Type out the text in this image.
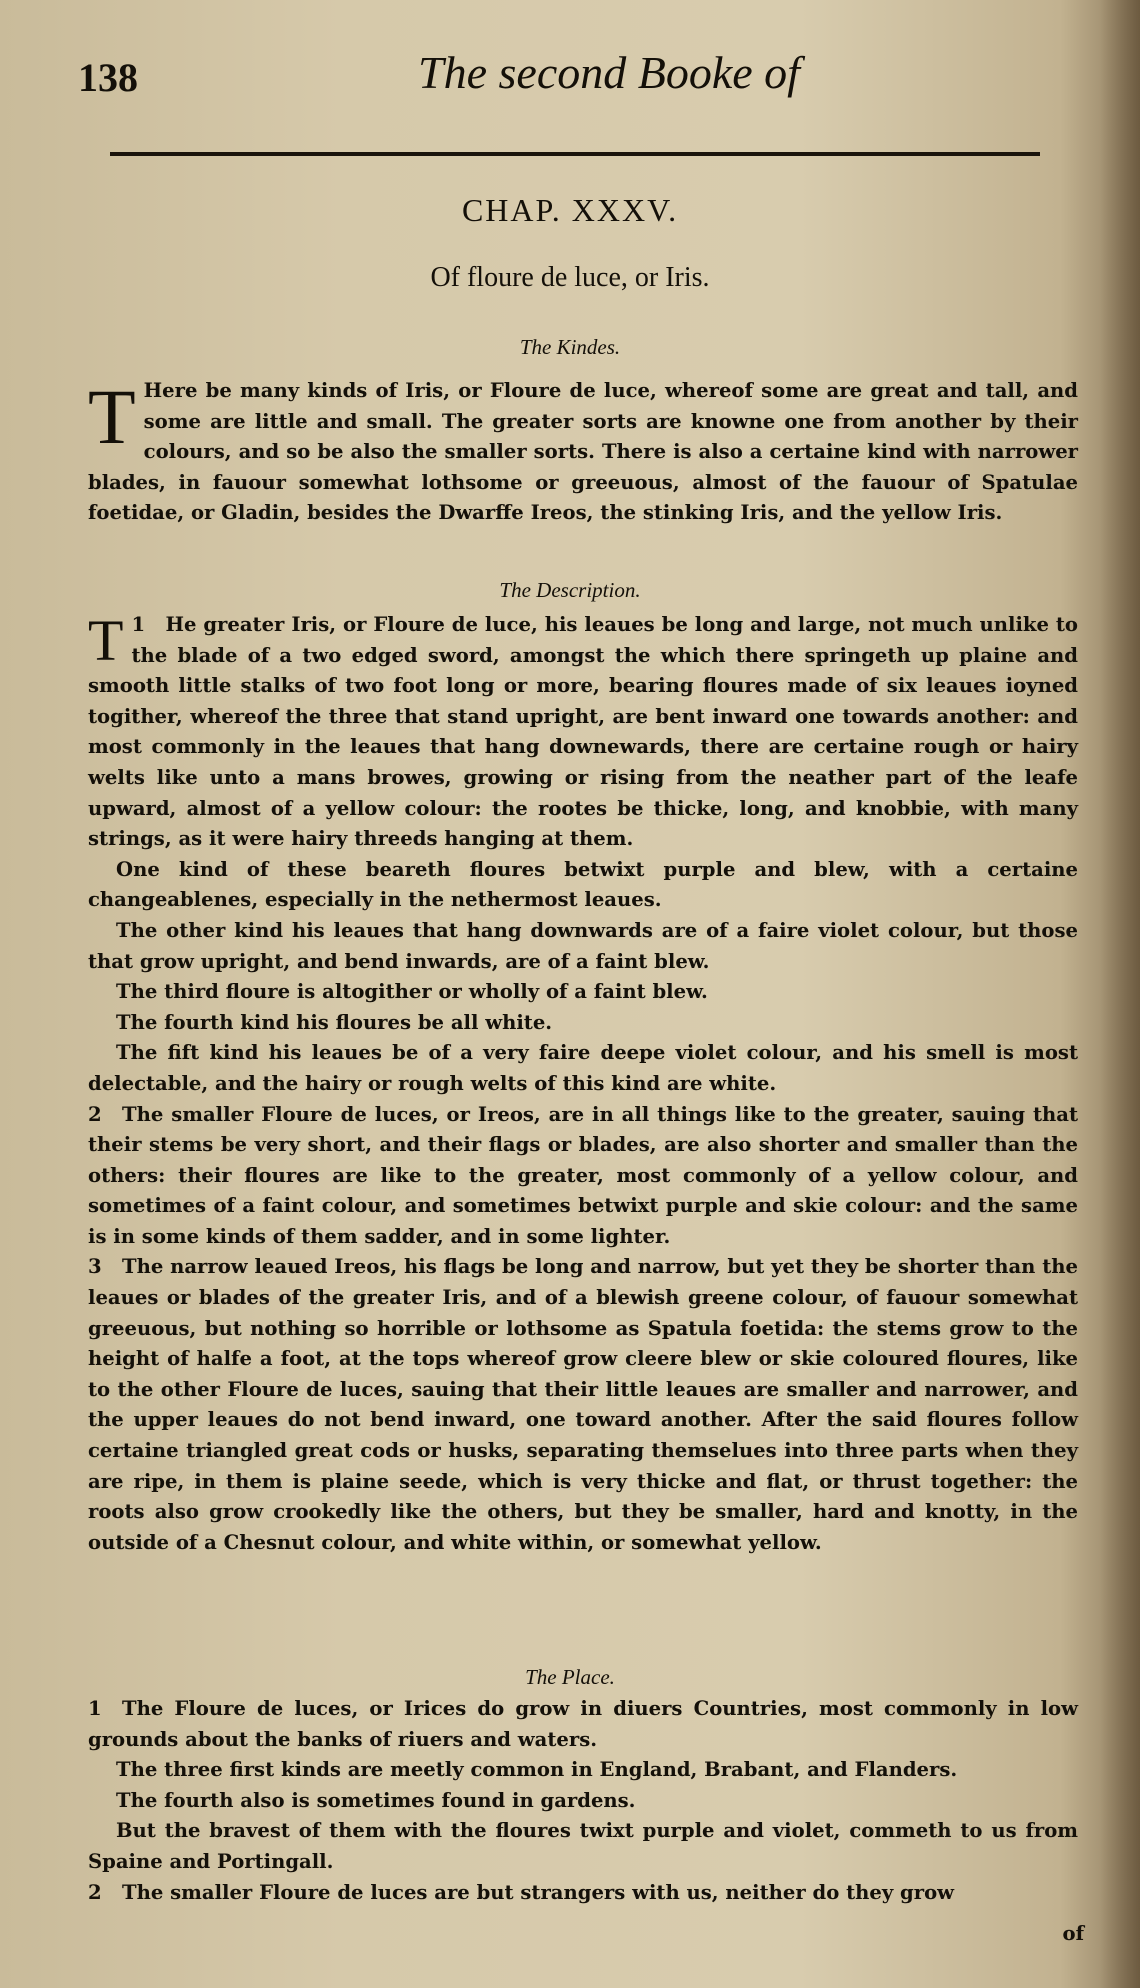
138	The second Booke of
CHAP. XXXV.
Of floure de luce, or Iris.
The Kindes.

T Here be many kinds of Iris, or Floure de luce, whereof some are great and tall, and some are little and small. The greater sorts are knowne one from another by their colours, and so be also the smaller sorts. There is also a certaine kind with narrower blades, in fauour somewhat lothsome or greeuous, almost of the fauour of Spatulae foetidae, or Gladin, besides the Dwarffe Ireos, the stinking Iris, and the yellow Iris.

The Description.

1
T He greater Iris, or Floure de luce, his leaues be long and large, not much unlike to the blade of a two edged sword, amongst the which there springeth up plaine and smooth little stalks of two foot long or more, bearing floures made of six leaues ioyned togither, whereof the three that stand upright, are bent inward one towards another: and most commonly in the leaues that hang downewards, there are certaine rough or hairy welts like unto a mans browes, growing or rising from the neather part of the leafe upward, almost of a yellow colour: the rootes be thicke, long, and knobbie, with many strings, as it were hairy threeds hanging at them.

One kind of these beareth floures betwixt purple and blew, with a certaine changeablenes, especially in the nethermost leaues.

The other kind his leaues that hang downwards are of a faire violet colour, but those that grow upright, and bend inwards, are of a faint blew.

The third floure is altogither or wholly of a faint blew.

The fourth kind his floures be all white.

The fift kind his leaues be of a very faire deepe violet colour, and his smell is most delectable, and the hairy or rough welts of this kind are white.

2 The smaller Floure de luces, or Ireos, are in all things like to the greater, sauing that their stems be very short, and their flags or blades, are also shorter and smaller than the others: their floures are like to the greater, most commonly of a yellow colour, and sometimes of a faint colour, and sometimes betwixt purple and skie colour: and the same is in some kinds of them sadder, and in some lighter.

3 The narrow leaued Ireos, his flags be long and narrow, but yet they be shorter than the leaues or blades of the greater Iris, and of a blewish greene colour, of fauour somewhat greeuous, but nothing so horrible or lothsome as Spatula foetida: the stems grow to the height of halfe a foot, at the tops whereof grow cleere blew or skie coloured floures, like to the other Floure de luces, sauing that their little leaues are smaller and narrower, and the upper leaues do not bend inward, one toward another. After the said floures follow certaine triangled great cods or husks, separating themselues into three parts when they are ripe, in them is plaine seede, which is very thicke and flat, or thrust together: the roots also grow crookedly like the others, but they be smaller, hard and knotty, in the outside of a Chesnut colour, and white within, or somewhat yellow.

The Place.

1 The Floure de luces, or Irices do grow in diuers Countries, most commonly in low grounds about the banks of riuers and waters.

The three first kinds are meetly common in England, Brabant, and Flanders.

The fourth also is sometimes found in gardens.

But the bravest of them with the floures twixt purple and violet, commeth to us from Spaine and Portingall.

2 The smaller Floure de luces are but strangers with us, neither do they grow

of
